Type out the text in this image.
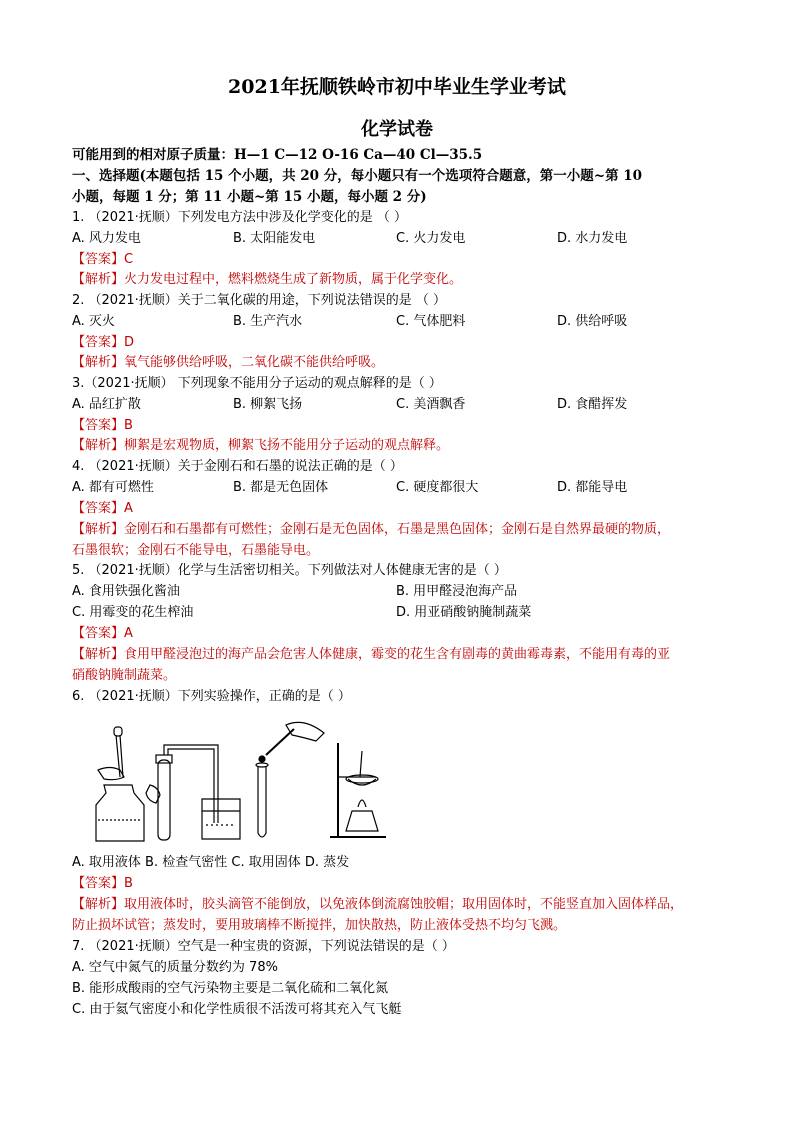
2021年抚顺铁岭市初中毕业生学业考试
化学试卷
可能用到的相对原子质量：H—1 C—12 O-16 Ca—40 Cl—35.5
一、选择题(本题包括 15 个小题，共 20 分，每小题只有一个选项符合题意，第一小题~第 10
小题，每题 1 分；第 11 小题~第 15 小题，每小题 2 分)
1. （2021·抚顺）下列发电方法中涉及化学变化的是 （ ）
A. 风力发电	B. 太阳能发电	C. 火力发电	D. 水力发电
【答案】C
【解析】火力发电过程中，燃料燃烧生成了新物质，属于化学变化。
2. （2021·抚顺）关于二氧化碳的用途，下列说法错误的是 （ ）
A. 灭火	B. 生产汽水	C. 气体肥料	D. 供给呼吸
【答案】D
【解析】氧气能够供给呼吸，二氧化碳不能供给呼吸。
3.（2021·抚顺） 下列现象不能用分子运动的观点解释的是（ ）
A. 品红扩散	B. 柳絮飞扬	C. 美酒飘香	D. 食醋挥发
【答案】B
【解析】柳絮是宏观物质，柳絮飞扬不能用分子运动的观点解释。
4. （2021·抚顺）关于金刚石和石墨的说法正确的是（ ）
A. 都有可燃性	B. 都是无色固体	C. 硬度都很大	D. 都能导电
【答案】A
【解析】金刚石和石墨都有可燃性；金刚石是无色固体，石墨是黑色固体；金刚石是自然界最硬的物质，
石墨很软；金刚石不能导电，石墨能导电。
5. （2021·抚顺）化学与生活密切相关。下列做法对人体健康无害的是（ ）
A. 食用铁强化酱油	B. 用甲醛浸泡海产品
C. 用霉变的花生榨油	D. 用亚硝酸钠腌制蔬菜
【答案】A
【解析】食用甲醛浸泡过的海产品会危害人体健康，霉变的花生含有剧毒的黄曲霉毒素，不能用有毒的亚
硝酸钠腌制蔬菜。
6. （2021·抚顺）下列实验操作，正确的是（ ）
A. 取用液体 B. 检查气密性 C. 取用固体 D. 蒸发
【答案】B
【解析】取用液体时，胶头滴管不能倒放，以免液体倒流腐蚀胶帽；取用固体时，不能竖直加入固体样品，
防止损坏试管；蒸发时，要用玻璃棒不断搅拌，加快散热，防止液体受热不均匀飞溅。
7. （2021·抚顺）空气是一种宝贵的资源，下列说法错误的是（ ）
A. 空气中氮气的质量分数约为 78%
B. 能形成酸雨的空气污染物主要是二氧化硫和二氧化氮
C. 由于氦气密度小和化学性质很不活泼可将其充入气飞艇
